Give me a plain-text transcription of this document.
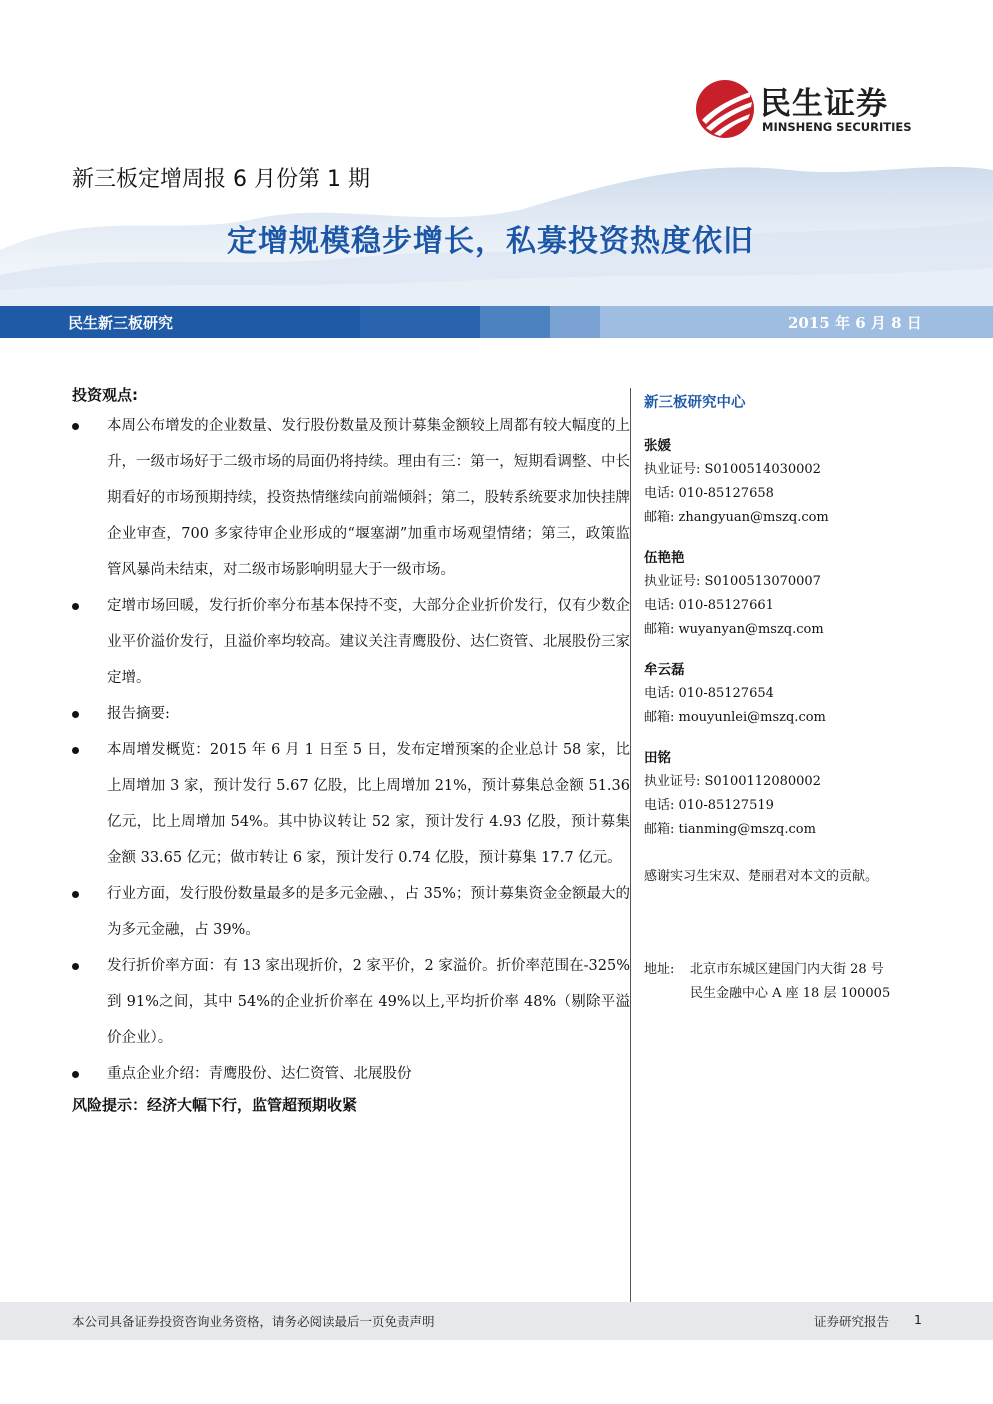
民生证券
MINSHENG SECURITIES
新三板定增周报 6 月份第 1 期
定增规模稳步增长，私募投资热度依旧
民生新三板研究	2015 年 6 月 8 日
投资观点:
本周公布增发的企业数量、发行股份数量及预计募集金额较上周都有较大幅度的上升，一级市场好于二级市场的局面仍将持续。理由有三：第一，短期看调整、中长期看好的市场预期持续，投资热情继续向前端倾斜；第二，股转系统要求加快挂牌企业审查，700 多家待审企业形成的“堰塞湖”加重市场观望情绪；第三，政策监管风暴尚未结束，对二级市场影响明显大于一级市场。
定增市场回暖，发行折价率分布基本保持不变，大部分企业折价发行，仅有少数企业平价溢价发行，且溢价率均较高。建议关注青鹰股份、达仁资管、北展股份三家定增。
报告摘要:
本周增发概览：2015 年 6 月 1 日至 5 日，发布定增预案的企业总计 58 家，比上周增加 3 家，预计发行 5.67 亿股，比上周增加 21%，预计募集总金额 51.36 亿元，比上周增加 54%。其中协议转让 52 家，预计发行 4.93 亿股，预计募集金额 33.65 亿元；做市转让 6 家，预计发行 0.74 亿股，预计募集 17.7 亿元。
行业方面，发行股份数量最多的是多元金融、，占 35%；预计募集资金金额最大的为多元金融，占 39%。
发行折价率方面：有 13 家出现折价，2 家平价，2 家溢价。折价率范围在-325%到 91%之间，其中 54%的企业折价率在 49%以上,平均折价率 48%（剔除平溢价企业）。
重点企业介绍：青鹰股份、达仁资管、北展股份
风险提示：经济大幅下行，监管超预期收紧
新三板研究中心
张媛
执业证号: S0100514030002
电话: 010-85127658
邮箱: zhangyuan@mszq.com
伍艳艳
执业证号: S0100513070007
电话: 010-85127661
邮箱: wuyanyan@mszq.com
牟云磊
电话: 010-85127654
邮箱: mouyunlei@mszq.com
田铭
执业证号: S0100112080002
电话: 010-85127519
邮箱: tianming@mszq.com
感谢实习生宋双、楚丽君对本文的贡献。
地址: 北京市东城区建国门内大街 28 号
民生金融中心 A 座 18 层 100005
本公司具备证券投资咨询业务资格，请务必阅读最后一页免责声明	证券研究报告 1
